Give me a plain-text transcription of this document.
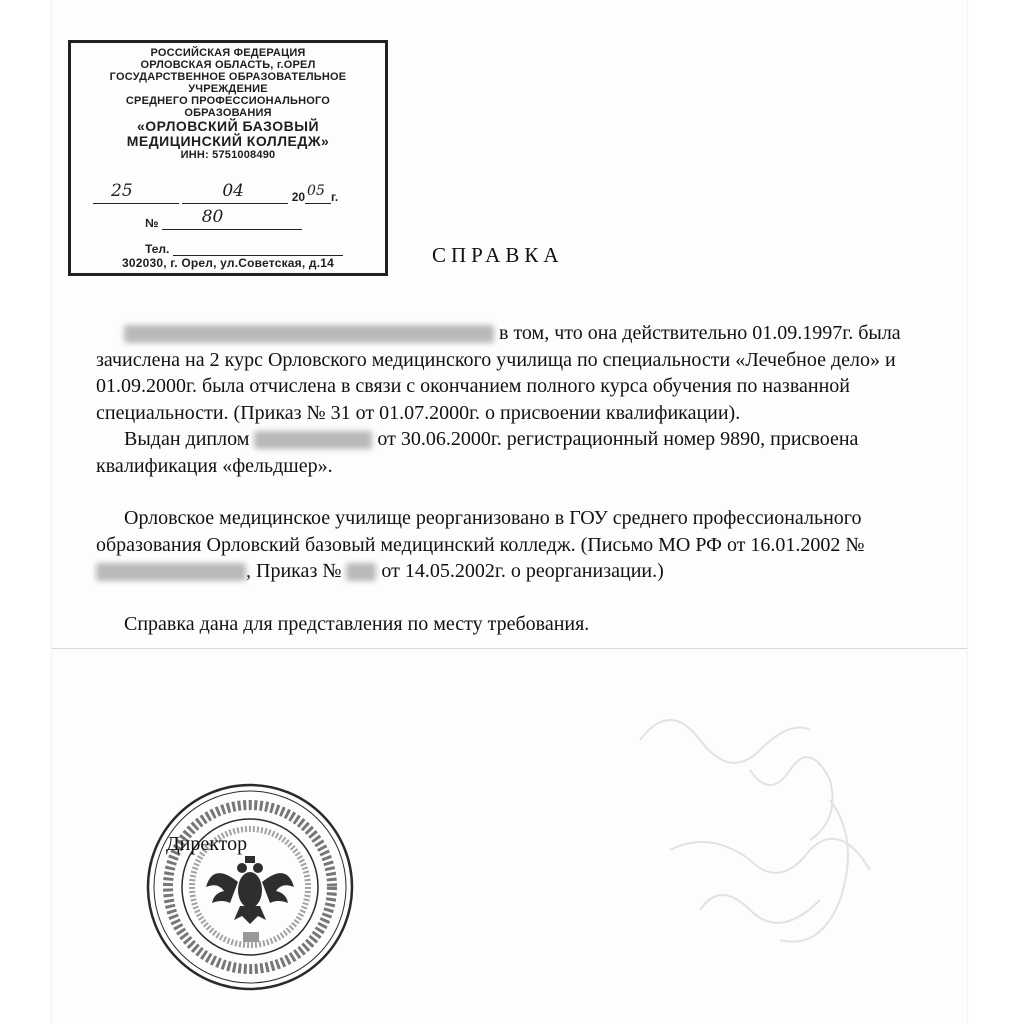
РОССИЙСКАЯ ФЕДЕРАЦИЯ
ОРЛОВСКАЯ ОБЛАСТЬ, г.ОРЕЛ
ГОСУДАРСТВЕННОЕ ОБРАЗОВАТЕЛЬНОЕ
УЧРЕЖДЕНИЕ
СРЕДНЕГО ПРОФЕССИОНАЛЬНОГО
ОБРАЗОВАНИЯ
«ОРЛОВСКИЙ БАЗОВЫЙ
МЕДИЦИНСКИЙ КОЛЛЕДЖ»
ИНН: 5751008490
25
	04	20 05 г.
№	80
Тел.
302030, г. Орел, ул.Советская, д.14	СПРАВКА

в том, что она действительно 01.09.1997г. была зачислена на 2 курс Орловского медицинского училища по специальности «Лечебное дело» и 01.09.2000г. была отчислена в связи с окончанием полного курса обучения по названной специальности. (Приказ № 31 от 01.07.2000г. о присвоении квалификации).

Выдан диплом	от 30.06.2000г. регистрационный номер 9890, присвоена квалификация «фельдшер».

Орловское медицинское училище реорганизовано в ГОУ среднего профессионального образования Орловский базовый медицинский колледж. (Письмо МО РФ от 16.01.2002 № , Приказ №  от 14.05.2002г. о реорганизации.)

Справка дана для представления по месту требования.

Директор
